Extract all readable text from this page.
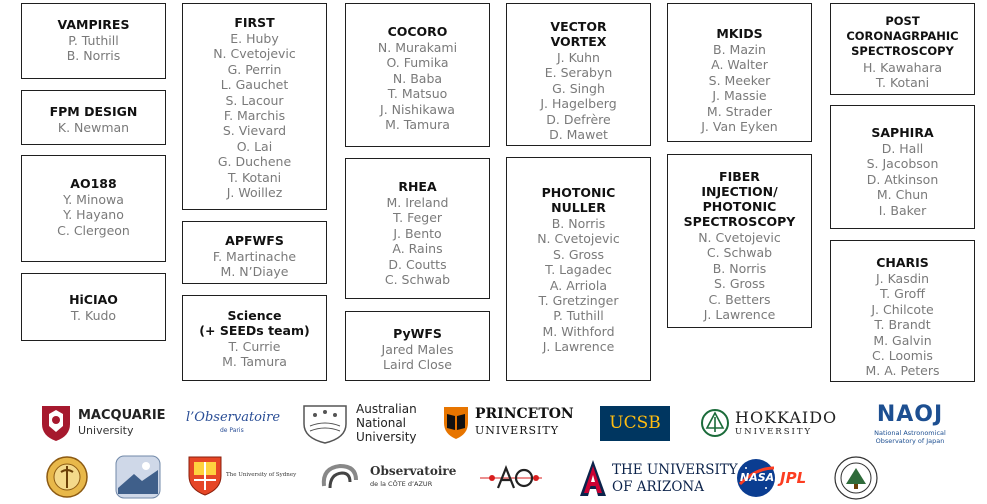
VAMPIRES
P. Tuthill
B. Norris
FPM DESIGN
K. Newman
AO188
Y. Minowa
Y. Hayano
C. Clergeon
HiCIAO
T. Kudo
FIRST
E. Huby
N. Cvetojevic
G. Perrin
L. Gauchet
S. Lacour
F. Marchis
S. Vievard
O. Lai
G. Duchene
T. Kotani
J. Woillez
APFWFS
F. Martinache
M. N’Diaye
Science
(+ SEEDs team)
T. Currie
M. Tamura
COCORO
N. Murakami
O. Fumika
N. Baba
T. Matsuo
J. Nishikawa
M. Tamura
RHEA
M. Ireland
T. Feger
J. Bento
A. Rains
D. Coutts
C. Schwab
PyWFS
Jared Males
Laird Close
VECTOR
VORTEX
J. Kuhn
E. Serabyn
G. Singh
J. Hagelberg
D. Defrère
D. Mawet
PHOTONIC
NULLER
B. Norris
N. Cvetojevic
S. Gross
T. Lagadec
A. Arriola
T. Gretzinger
P. Tuthill
M. Withford
J. Lawrence
MKIDS
B. Mazin
A. Walter
S. Meeker
J. Massie
M. Strader
J. Van Eyken
FIBER
INJECTION/
PHOTONIC
SPECTROSCOPY
N. Cvetojevic
C. Schwab
B. Norris
S. Gross
C. Betters
J. Lawrence
POST
CORONAGRPAHIC
SPECTROSCOPY
H. Kawahara
T. Kotani
SAPHIRA
D. Hall
S. Jacobson
D. Atkinson
M. Chun
I. Baker
CHARIS
J. Kasdin
T. Groff
J. Chilcote
T. Brandt
M. Galvin
C. Loomis
M. A. Peters
MACQUARIE
University
l’Observatoire
de Paris
Australian
National
University
PRINCETON
UNIVERSITY	UCSB	HOKKAIDO
UNIVERSITY
NAOJ
National Astronomical
Observatory of Japan
The University of Sydney	Observatoire
de la CÔTE d’AZUR
THE UNIVERSITY
OF ARIZONA
NASA JPL
